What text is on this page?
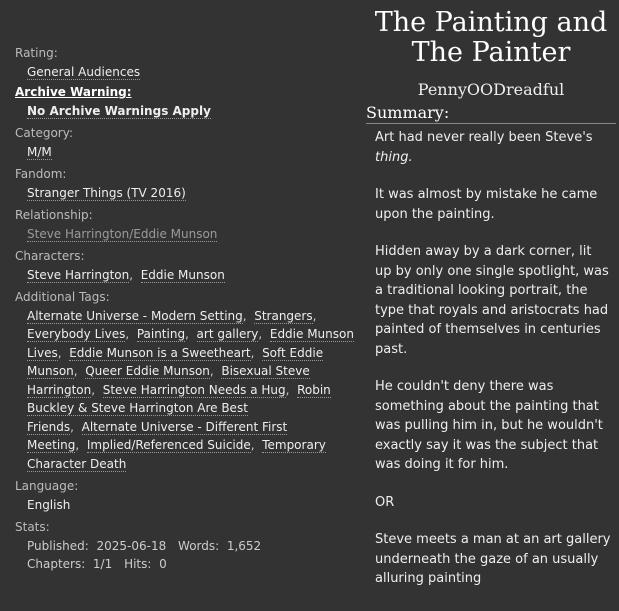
Rating:
General Audiences
Archive Warning:
No Archive Warnings Apply
Category:
M/M
Fandom:
Stranger Things (TV 2016)
Relationship:
Steve Harrington/Eddie Munson
Characters:
Steve Harrington,  Eddie Munson
Additional Tags:
Alternate Universe - Modern Setting,  Strangers,  Everybody Lives,  Painting,  art gallery,  Eddie Munson Lives,  Eddie Munson is a Sweetheart,  Soft Eddie Munson,  Queer Eddie Munson,  Bisexual Steve Harrington,  Steve Harrington Needs a Hug,  Robin Buckley & Steve Harrington Are Best Friends,  Alternate Universe - Different First Meeting,  Implied/Referenced Suicide,  Temporary Character Death
Language:
English
Stats:
Published: 2025-06-18 Words: 1,652
Chapters: 1/1 Hits: 0
The Painting and
The Painter
PennyOODreadful
Summary:

Art had never really been Steve's thing.

It was almost by mistake he came upon the painting.

Hidden away by a dark corner, lit up by only one single spotlight, was a traditional looking portrait, the type that royals and aristocrats had painted of themselves in centuries past.

He couldn't deny there was something about the painting that was pulling him in, but he wouldn't exactly say it was the subject that was doing it for him.

OR

Steve meets a man at an art gallery underneath the gaze of an usually alluring painting
